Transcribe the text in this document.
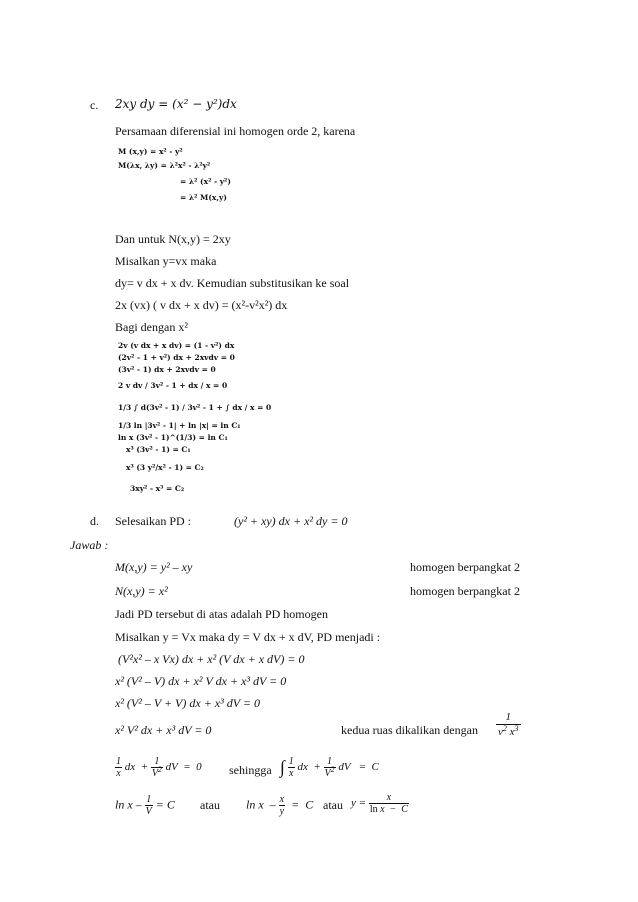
c. 2xy dy = (x² − y²)dx
Persamaan diferensial ini homogen orde 2, karena
M (x,y) = x² - y²
M(λx, λy) = λ²x² - λ²y²
= λ² (x² - y²)
= λ² M(x,y)
Dan untuk N(x,y) = 2xy
Misalkan y=vx maka
dy= v dx + x dv. Kemudian substitusikan ke soal
2x (vx) ( v dx + x dv) = (x²-v²x²) dx
Bagi dengan x²
2v (v dx + x dv) = (1 - v²) dx
(2v² - 1 + v²) dx + 2xvdv = 0
(3v² - 1) dx + 2xvdv = 0
2 v dv / 3v² - 1 + dx / x = 0
1/3 ∫ d(3v² - 1) / 3v² - 1 + ∫ dx / x = 0
1/3 ln |3v² - 1| + ln |x| = ln C₁
ln x (3v² - 1)^(1/3) = ln C₁
x³ (3v² - 1) = C₁
x³ (3 y²/x² - 1) = C₂
3xy² - x³ = C₂
d. Selesaikan PD :	(y² + xy) dx + x² dy = 0
Jawab :
M(x,y) = y² – xy	homogen berpangkat 2
N(x,y) = x²	homogen berpangkat 2
Jadi PD tersebut di atas adalah PD homogen
Misalkan y = Vx maka dy = V dx + x dV, PD menjadi :
(V²x² – x Vx) dx + x² (V dx + x dV) = 0
x² (V² – V) dx + x² V dx + x³ dV = 0
x² (V² – V + V) dx + x³ dV = 0
x² V² dx + x³ dV = 0	kedua ruas dikalikan dengan $\frac{1}{v^2 x^3}$
$\frac{1}{x}$ dx  + $\frac{1}{V^2}$ dV  =  0 sehingga ∫ $\frac{1}{x}$ dx  + $\frac{1}{V^2}$ dV   =  C
$\ln x - \frac{1}{V} = C$ atau $\ln x - \frac{x}{y} = C$ atau $y = \frac{x}{\text{ln x  −  C}}$
